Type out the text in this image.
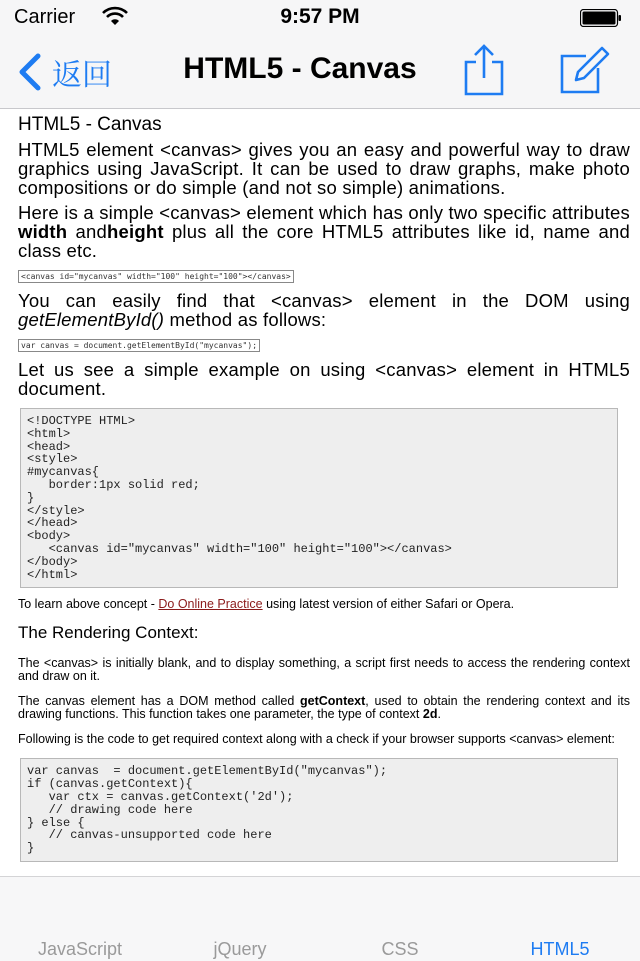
Carrier	9:57 PM
返回	HTML5 - Canvas
HTML5 - Canvas

HTML5 element <canvas> gives you an easy and powerful way to draw graphics using JavaScript. It can be used to draw graphs, make photo compositions or do simple (and not so simple) animations.

Here is a simple <canvas> element which has only two specific attributes width andheight plus all the core HTML5 attributes like id, name and class etc.

<canvas id="mycanvas" width="100" height="100"></canvas>

You can easily find that <canvas> element in the DOM using getElementById() method as follows:

var canvas = document.getElementById("mycanvas");

Let us see a simple example on using <canvas> element in HTML5 document.

<!DOCTYPE HTML>
<html>
<head>
<style>
#mycanvas{
border:1px solid red;
}
</style>
</head>
<body>
<canvas id="mycanvas" width="100" height="100"></canvas>
</body>
</html>

To learn above concept - Do Online Practice using latest version of either Safari or Opera.

The Rendering Context:

The <canvas> is initially blank, and to display something, a script first needs to access the rendering context and draw on it.

The canvas element has a DOM method called getContext, used to obtain the rendering context and its drawing functions. This function takes one parameter, the type of context 2d.

Following is the code to get required context along with a check if your browser supports <canvas> element:

var canvas  = document.getElementById("mycanvas");
if (canvas.getContext){
var ctx = canvas.getContext('2d');
// drawing code here
} else {
// canvas-unsupported code here
}
JavaScript	jQuery	CSS	HTML5
